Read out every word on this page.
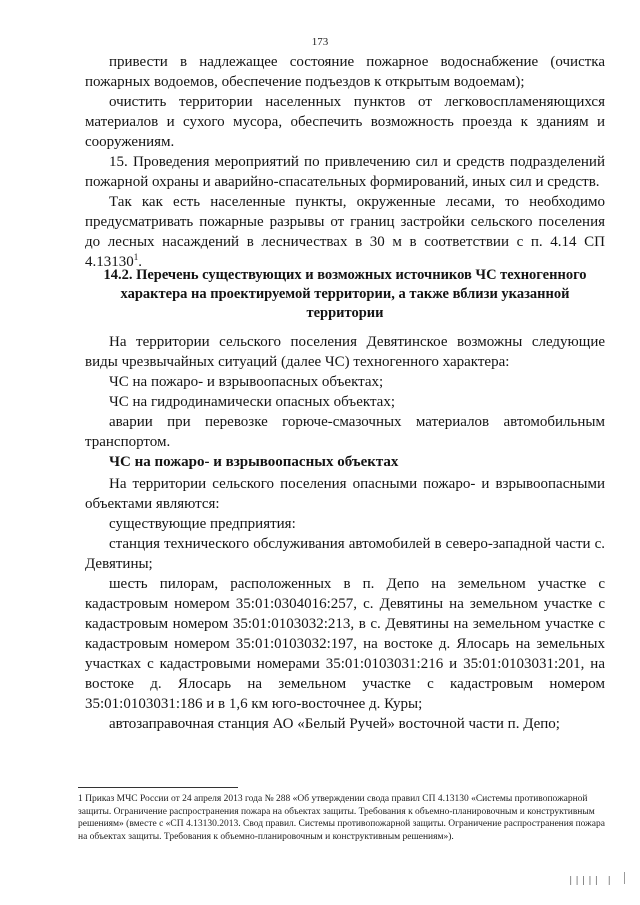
173

привести в надлежащее состояние пожарное водоснабжение (очистка пожарных водоемов, обеспечение подъездов к открытым водоемам);

очистить территории населенных пунктов от легковоспламеняющихся материалов и сухого мусора, обеспечить возможность проезда к зданиям и сооружениям.

15. Проведения мероприятий по привлечению сил и средств подразделений пожарной охраны и аварийно-спасательных формирований, иных сил и средств.

Так как есть населенные пункты, окруженные лесами, то необходимо предусматривать пожарные разрывы от границ застройки сельского поселения до лесных насаждений в лесничествах в 30 м в соответствии с п. 4.14 СП 4.13130$^1$.

14.2. Перечень существующих и возможных источников ЧС техногенного характера на проектируемой территории, а также вблизи указанной территории

На территории сельского поселения Девятинское возможны следующие виды чрезвычайных ситуаций (далее ЧС) техногенного характера:

ЧС на пожаро- и взрывоопасных объектах;

ЧС на гидродинамически опасных объектах;

аварии при перевозке горюче-смазочных материалов автомобильным транспортом.

ЧС на пожаро- и взрывоопасных объектах

На территории сельского поселения опасными пожаро- и взрывоопасными объектами являются:

существующие предприятия:

станция технического обслуживания автомобилей в северо-западной части с. Девятины;

шесть пилорам, расположенных в п. Депо на земельном участке с кадастровым номером 35:01:0304016:257, с. Девятины на земельном участке с кадастровым номером 35:01:0103032:213, в с. Девятины на земельном участке с кадастровым номером 35:01:0103032:197, на востоке д. Ялосарь на земельных участках с кадастровыми номерами 35:01:0103031:216 и 35:01:0103031:201, на востоке д. Ялосарь на земельном участке с кадастровым номером 35:01:0103031:186 и в 1,6 км юго-восточнее д. Куры;

автозаправочная станция АО «Белый Ручей» восточной части п. Депо;

1 Приказ МЧС России от 24 апреля 2013 года № 288 «Об утверждении свода правил СП 4.13130 «Системы противопожарной защиты. Ограничение распространения пожара на объектах защиты. Требования к объемно-планировочным и конструктивным решениям» (вместе с «СП 4.13130.2013. Свод правил. Системы противопожарной защиты. Ограничение распространения пожара на объектах защиты. Требования к объемно-планировочным и конструктивным решениям»).
||||| |
